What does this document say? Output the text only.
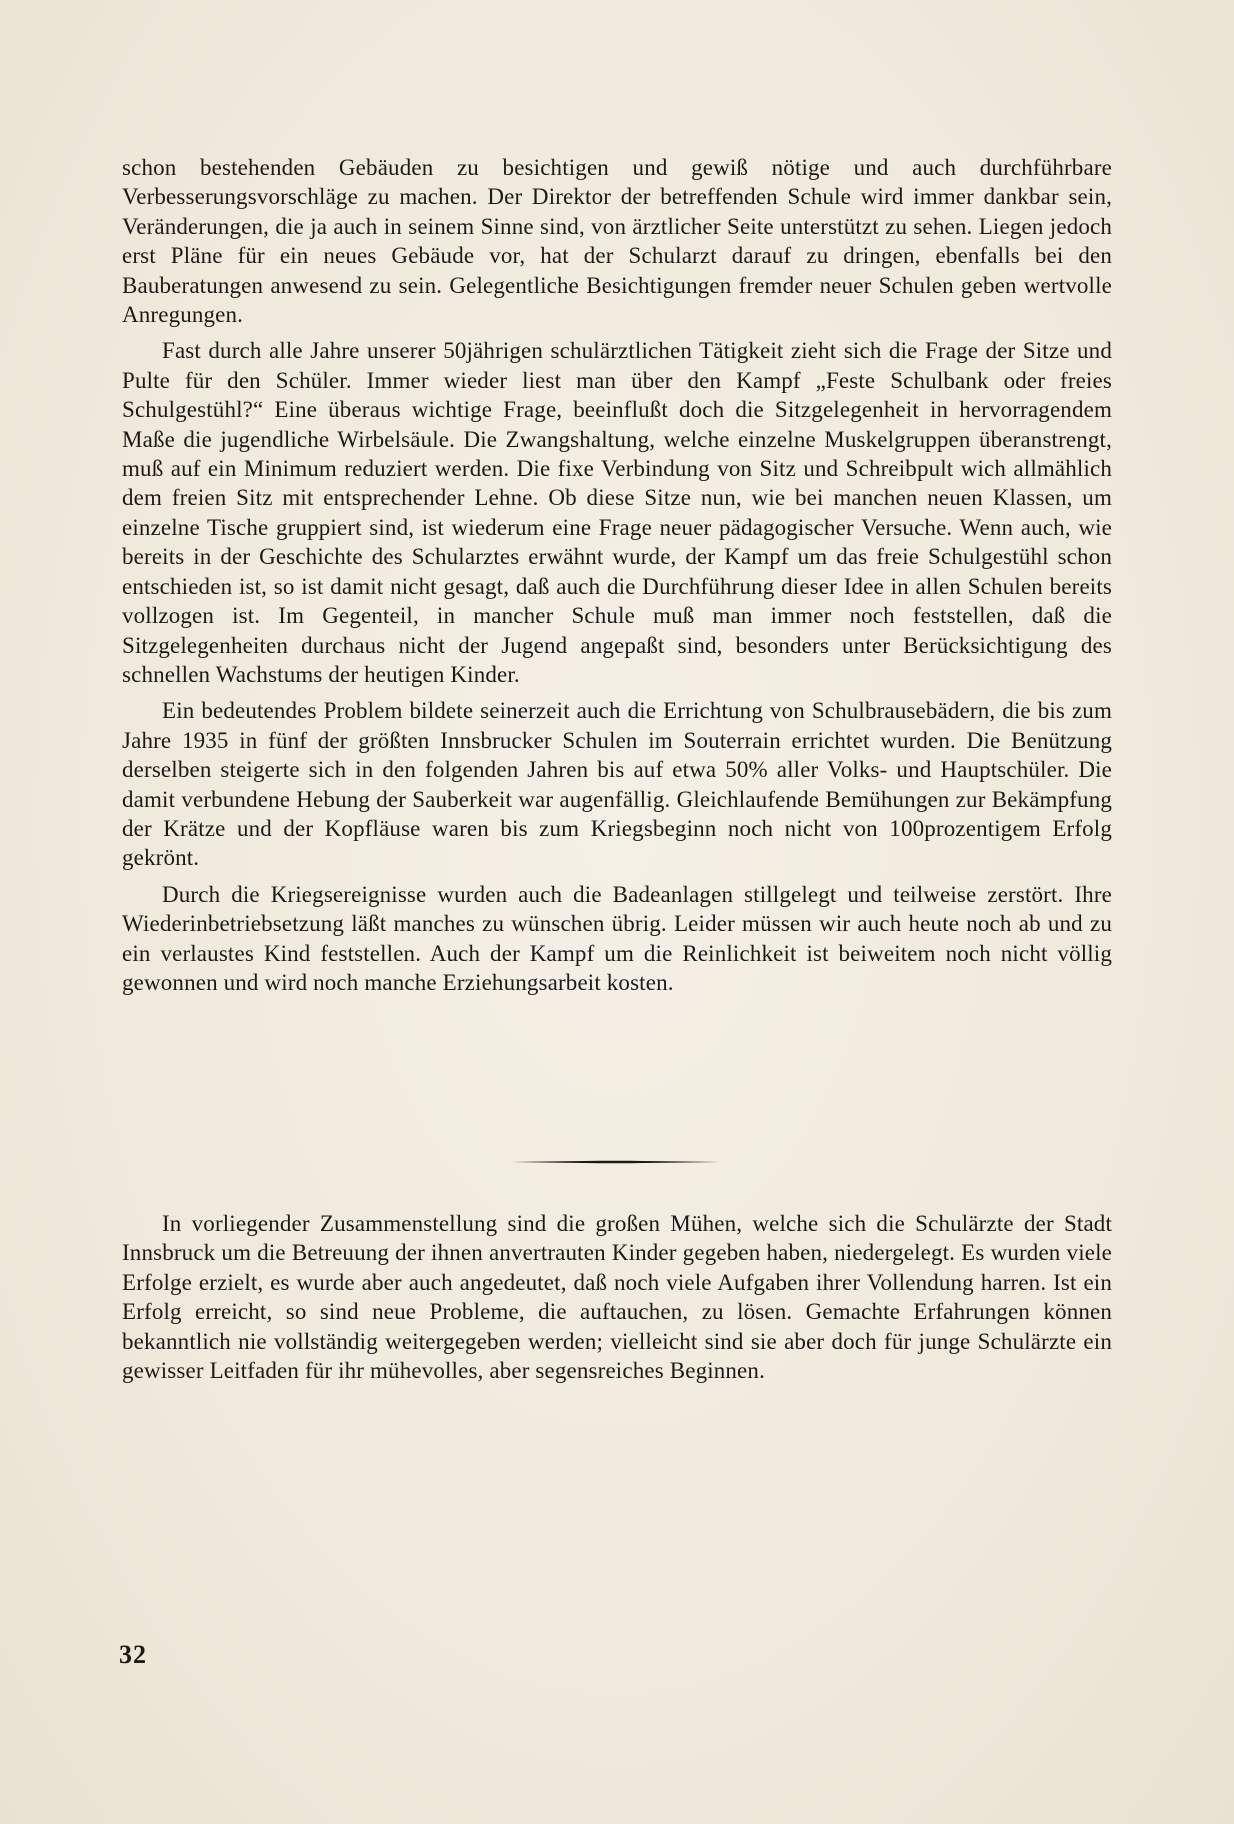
schon bestehenden Gebäuden zu besichtigen und gewiß nötige und auch durchführbare Verbesserungsvorschläge zu machen. Der Direktor der betreffenden Schule wird immer dankbar sein, Veränderungen, die ja auch in seinem Sinne sind, von ärztlicher Seite unterstützt zu sehen. Liegen jedoch erst Pläne für ein neues Gebäude vor, hat der Schularzt darauf zu dringen, ebenfalls bei den Bauberatungen anwesend zu sein. Gelegentliche Besichtigungen fremder neuer Schulen geben wertvolle Anregungen.

Fast durch alle Jahre unserer 50jährigen schulärztlichen Tätigkeit zieht sich die Frage der Sitze und Pulte für den Schüler. Immer wieder liest man über den Kampf „Feste Schulbank oder freies Schulgestühl?“ Eine überaus wichtige Frage, beeinflußt doch die Sitzgelegenheit in hervorragendem Maße die jugendliche Wirbelsäule. Die Zwangshaltung, welche einzelne Muskelgruppen überanstrengt, muß auf ein Minimum reduziert werden. Die fixe Verbindung von Sitz und Schreibpult wich allmählich dem freien Sitz mit entsprechender Lehne. Ob diese Sitze nun, wie bei manchen neuen Klassen, um einzelne Tische gruppiert sind, ist wiederum eine Frage neuer pädagogischer Versuche. Wenn auch, wie bereits in der Geschichte des Schularztes erwähnt wurde, der Kampf um das freie Schulgestühl schon entschieden ist, so ist damit nicht gesagt, daß auch die Durchführung dieser Idee in allen Schulen bereits vollzogen ist. Im Gegenteil, in mancher Schule muß man immer noch feststellen, daß die Sitzgelegenheiten durchaus nicht der Jugend angepaßt sind, besonders unter Berücksichtigung des schnellen Wachstums der heutigen Kinder.

Ein bedeutendes Problem bildete seinerzeit auch die Errichtung von Schulbrausebädern, die bis zum Jahre 1935 in fünf der größten Innsbrucker Schulen im Souterrain errichtet wurden. Die Benützung derselben steigerte sich in den folgenden Jahren bis auf etwa 50% aller Volks- und Hauptschüler. Die damit verbundene Hebung der Sauberkeit war augenfällig. Gleichlaufende Bemühungen zur Bekämpfung der Krätze und der Kopfläuse waren bis zum Kriegsbeginn noch nicht von 100prozentigem Erfolg gekrönt.

Durch die Kriegsereignisse wurden auch die Badeanlagen stillgelegt und teilweise zerstört. Ihre Wiederinbetriebsetzung läßt manches zu wünschen übrig. Leider müssen wir auch heute noch ab und zu ein verlaustes Kind feststellen. Auch der Kampf um die Reinlichkeit ist beiweitem noch nicht völlig gewonnen und wird noch manche Erziehungsarbeit kosten.

In vorliegender Zusammenstellung sind die großen Mühen, welche sich die Schulärzte der Stadt Innsbruck um die Betreuung der ihnen anvertrauten Kinder gegeben haben, niedergelegt. Es wurden viele Erfolge erzielt, es wurde aber auch angedeutet, daß noch viele Aufgaben ihrer Vollendung harren. Ist ein Erfolg erreicht, so sind neue Probleme, die auftauchen, zu lösen. Gemachte Erfahrungen können bekanntlich nie vollständig weitergegeben werden; vielleicht sind sie aber doch für junge Schulärzte ein gewisser Leitfaden für ihr mühevolles, aber segensreiches Beginnen.

32
